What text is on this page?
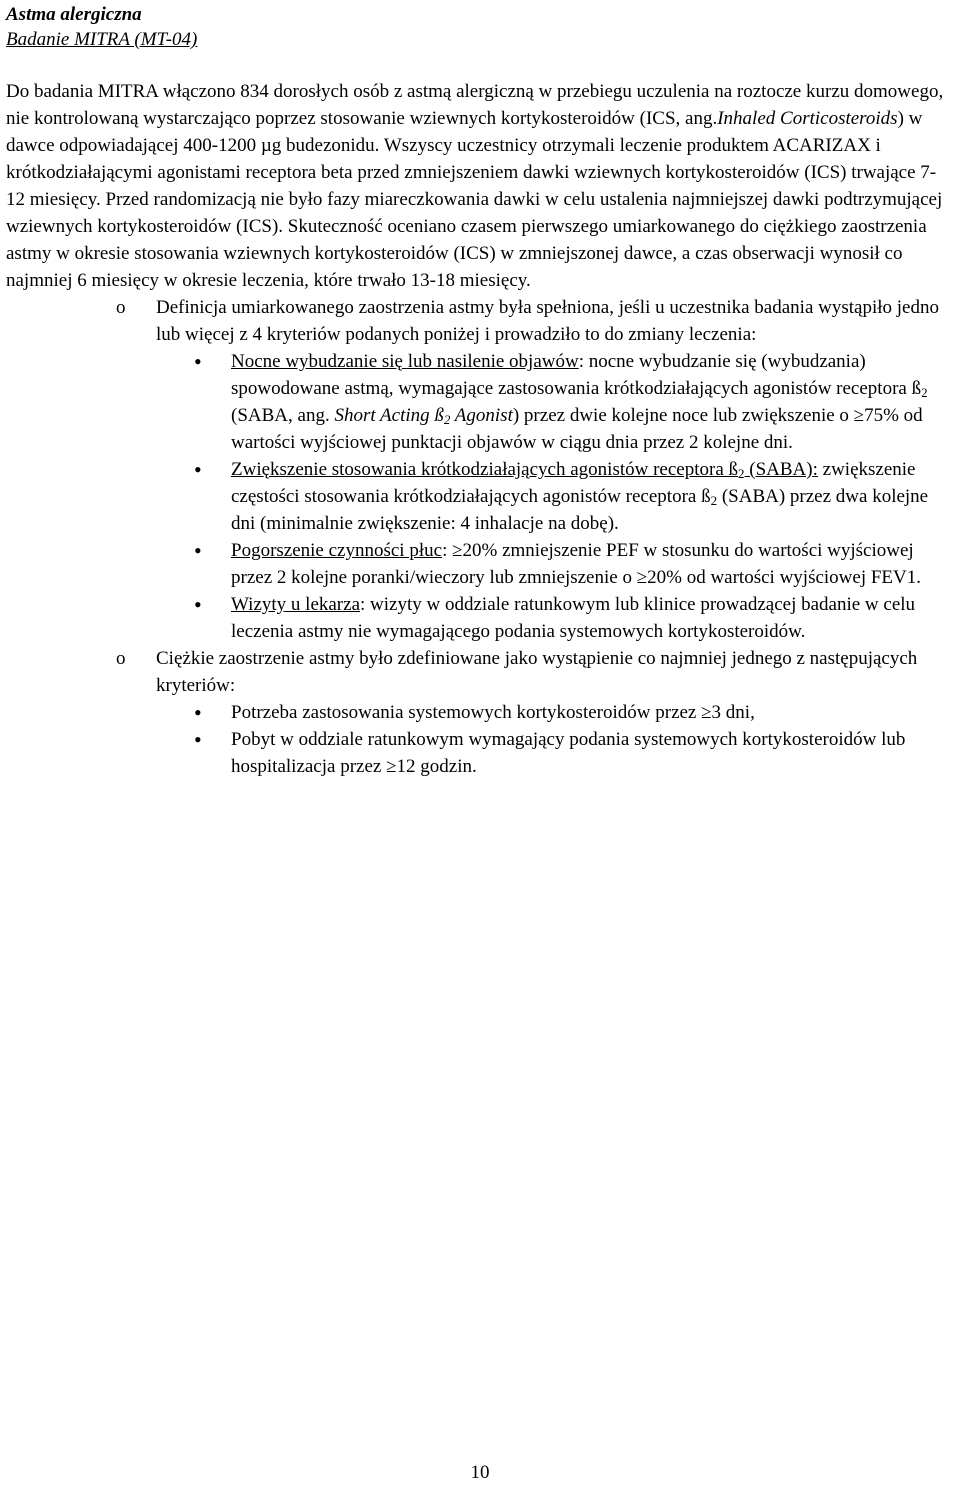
Astma alergiczna
Badanie MITRA (MT-04)

Do badania MITRA włączono 834 dorosłych osób z astmą alergiczną w przebiegu uczulenia na roztocze kurzu domowego, nie kontrolowaną wystarczająco poprzez stosowanie wziewnych kortykosteroidów (ICS, ang.Inhaled Corticosteroids) w dawce odpowiadającej 400-1200 µg budezonidu. Wszyscy uczestnicy otrzymali leczenie produktem ACARIZAX i krótkodziałającymi agonistami receptora beta przed zmniejszeniem dawki wziewnych kortykosteroidów (ICS) trwające 7-12 miesięcy. Przed randomizacją nie było fazy miareczkowania dawki w celu ustalenia najmniejszej dawki podtrzymującej wziewnych kortykosteroidów (ICS). Skuteczność oceniano czasem pierwszego umiarkowanego do ciężkiego zaostrzenia astmy w okresie stosowania wziewnych kortykosteroidów (ICS) w zmniejszonej dawce, a czas obserwacji wynosił co najmniej 6 miesięcy w okresie leczenia, które trwało 13-18 miesięcy.

o Definicja umiarkowanego zaostrzenia astmy była spełniona, jeśli u uczestnika badania wystąpiło jedno lub więcej z 4 kryteriów podanych poniżej i prowadziło to do zmiany leczenia:
• Nocne wybudzanie się lub nasilenie objawów: nocne wybudzanie się (wybudzania) spowodowane astmą, wymagające zastosowania krótkodziałających agonistów receptora $ß_2$ (SABA, ang. Short Acting $ß_2$ Agonist) przez dwie kolejne noce lub zwiększenie o ≥75% od wartości wyjściowej punktacji objawów w ciągu dnia przez 2 kolejne dni.
• Zwiększenie stosowania krótkodziałających agonistów receptora $ß_2$ (SABA): zwiększenie częstości stosowania krótkodziałających agonistów receptora $ß_2$ (SABA) przez dwa kolejne dni (minimalnie zwiększenie: 4 inhalacje na dobę).
• Pogorszenie czynności płuc: ≥20% zmniejszenie PEF w stosunku do wartości wyjściowej przez 2 kolejne poranki/wieczory lub zmniejszenie o ≥20% od wartości wyjściowej FEV1.
• Wizyty u lekarza: wizyty w oddziale ratunkowym lub klinice prowadzącej badanie w celu leczenia astmy nie wymagającego podania systemowych kortykosteroidów.
o Ciężkie zaostrzenie astmy było zdefiniowane jako wystąpienie co najmniej jednego z następujących kryteriów:
• Potrzeba zastosowania systemowych kortykosteroidów przez ≥3 dni,
• Pobyt w oddziale ratunkowym wymagający podania systemowych kortykosteroidów lub hospitalizacja przez ≥12 godzin.
10
